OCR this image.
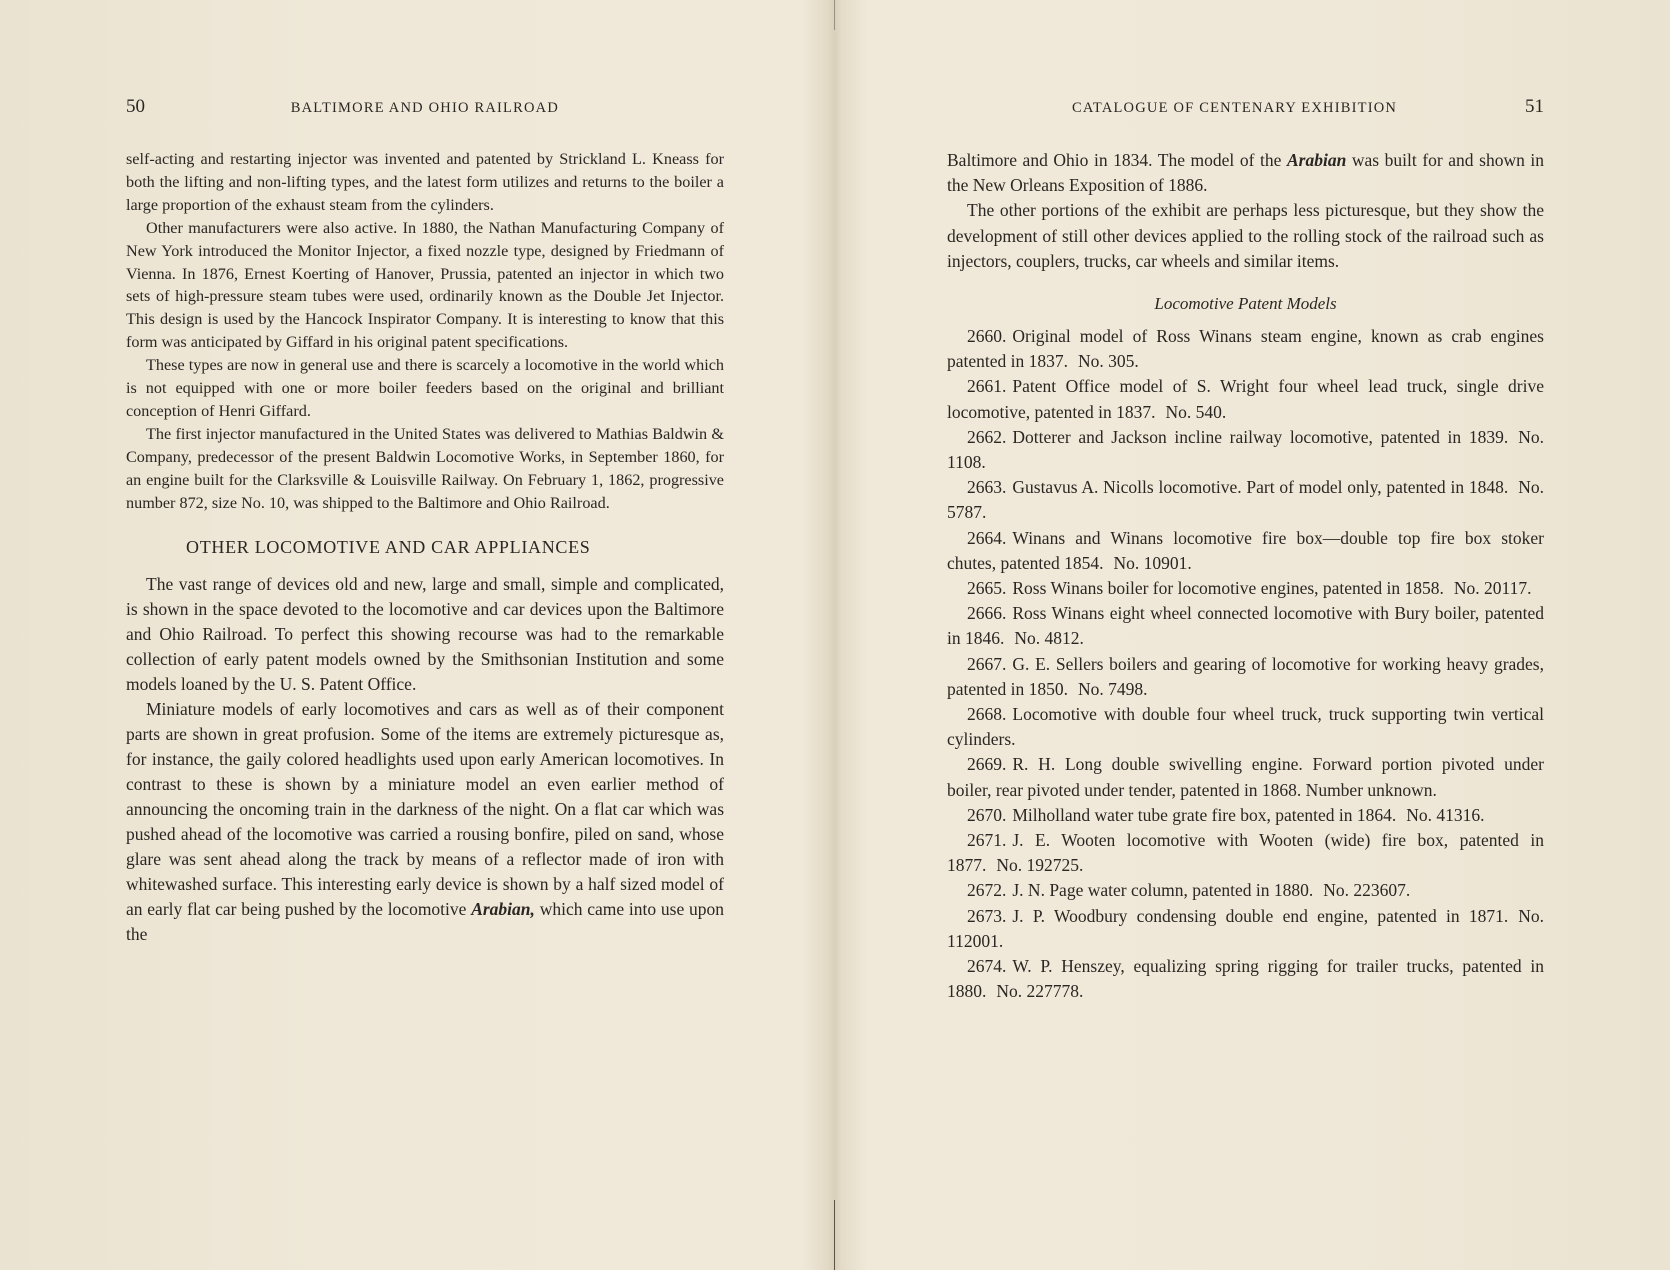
50	BALTIMORE AND OHIO RAILROAD

self-acting and restarting injector was invented and patented by Strickland L. Kneass for both the lifting and non-lifting types, and the latest form utilizes and returns to the boiler a large proportion of the exhaust steam from the cylinders.

Other manufacturers were also active. In 1880, the Nathan Manufacturing Company of New York introduced the Monitor Injector, a fixed nozzle type, designed by Friedmann of Vienna. In 1876, Ernest Koerting of Hanover, Prussia, patented an injector in which two sets of high-pressure steam tubes were used, ordinarily known as the Double Jet Injector. This design is used by the Hancock Inspirator Company. It is interesting to know that this form was anticipated by Giffard in his original patent specifications.

These types are now in general use and there is scarcely a locomotive in the world which is not equipped with one or more boiler feeders based on the original and brilliant conception of Henri Giffard.

The first injector manufactured in the United States was delivered to Mathias Baldwin & Company, predecessor of the present Baldwin Locomotive Works, in September 1860, for an engine built for the Clarksville & Louisville Railway. On February 1, 1862, progressive number 872, size No. 10, was shipped to the Baltimore and Ohio Railroad.

OTHER LOCOMOTIVE AND CAR APPLIANCES

The vast range of devices old and new, large and small, simple and complicated, is shown in the space devoted to the locomotive and car devices upon the Baltimore and Ohio Railroad. To perfect this showing recourse was had to the remarkable collection of early patent models owned by the Smithsonian Institution and some models loaned by the U. S. Patent Office.

Miniature models of early locomotives and cars as well as of their component parts are shown in great profusion. Some of the items are extremely picturesque as, for instance, the gaily colored headlights used upon early American locomotives. In contrast to these is shown by a miniature model an even earlier method of announcing the oncoming train in the darkness of the night. On a flat car which was pushed ahead of the locomotive was carried a rousing bonfire, piled on sand, whose glare was sent ahead along the track by means of a reflector made of iron with whitewashed surface. This interesting early device is shown by a half sized model of an early flat car being pushed by the locomotive Arabian, which came into use upon the

CATALOGUE OF CENTENARY EXHIBITION	51

Baltimore and Ohio in 1834. The model of the Arabian was built for and shown in the New Orleans Exposition of 1886.

The other portions of the exhibit are perhaps less picturesque, but they show the development of still other devices applied to the rolling stock of the railroad such as injectors, couplers, trucks, car wheels and similar items.

Locomotive Patent Models

2660. Original model of Ross Winans steam engine, known as crab engines patented in 1837. No. 305.

2661. Patent Office model of S. Wright four wheel lead truck, single drive locomotive, patented in 1837. No. 540.

2662. Dotterer and Jackson incline railway locomotive, patented in 1839. No. 1108.

2663. Gustavus A. Nicolls locomotive. Part of model only, patented in 1848. No. 5787.

2664. Winans and Winans locomotive fire box—double top fire box stoker chutes, patented 1854. No. 10901.

2665. Ross Winans boiler for locomotive engines, patented in 1858. No. 20117.

2666. Ross Winans eight wheel connected locomotive with Bury boiler, patented in 1846. No. 4812.

2667. G. E. Sellers boilers and gearing of locomotive for working heavy grades, patented in 1850. No. 7498.

2668. Locomotive with double four wheel truck, truck supporting twin vertical cylinders.

2669. R. H. Long double swivelling engine. Forward portion pivoted under boiler, rear pivoted under tender, patented in 1868. Number unknown.

2670. Milholland water tube grate fire box, patented in 1864. No. 41316.

2671. J. E. Wooten locomotive with Wooten (wide) fire box, patented in 1877. No. 192725.

2672. J. N. Page water column, patented in 1880. No. 223607.

2673. J. P. Woodbury condensing double end engine, patented in 1871. No. 112001.

2674. W. P. Henszey, equalizing spring rigging for trailer trucks, patented in 1880. No. 227778.
